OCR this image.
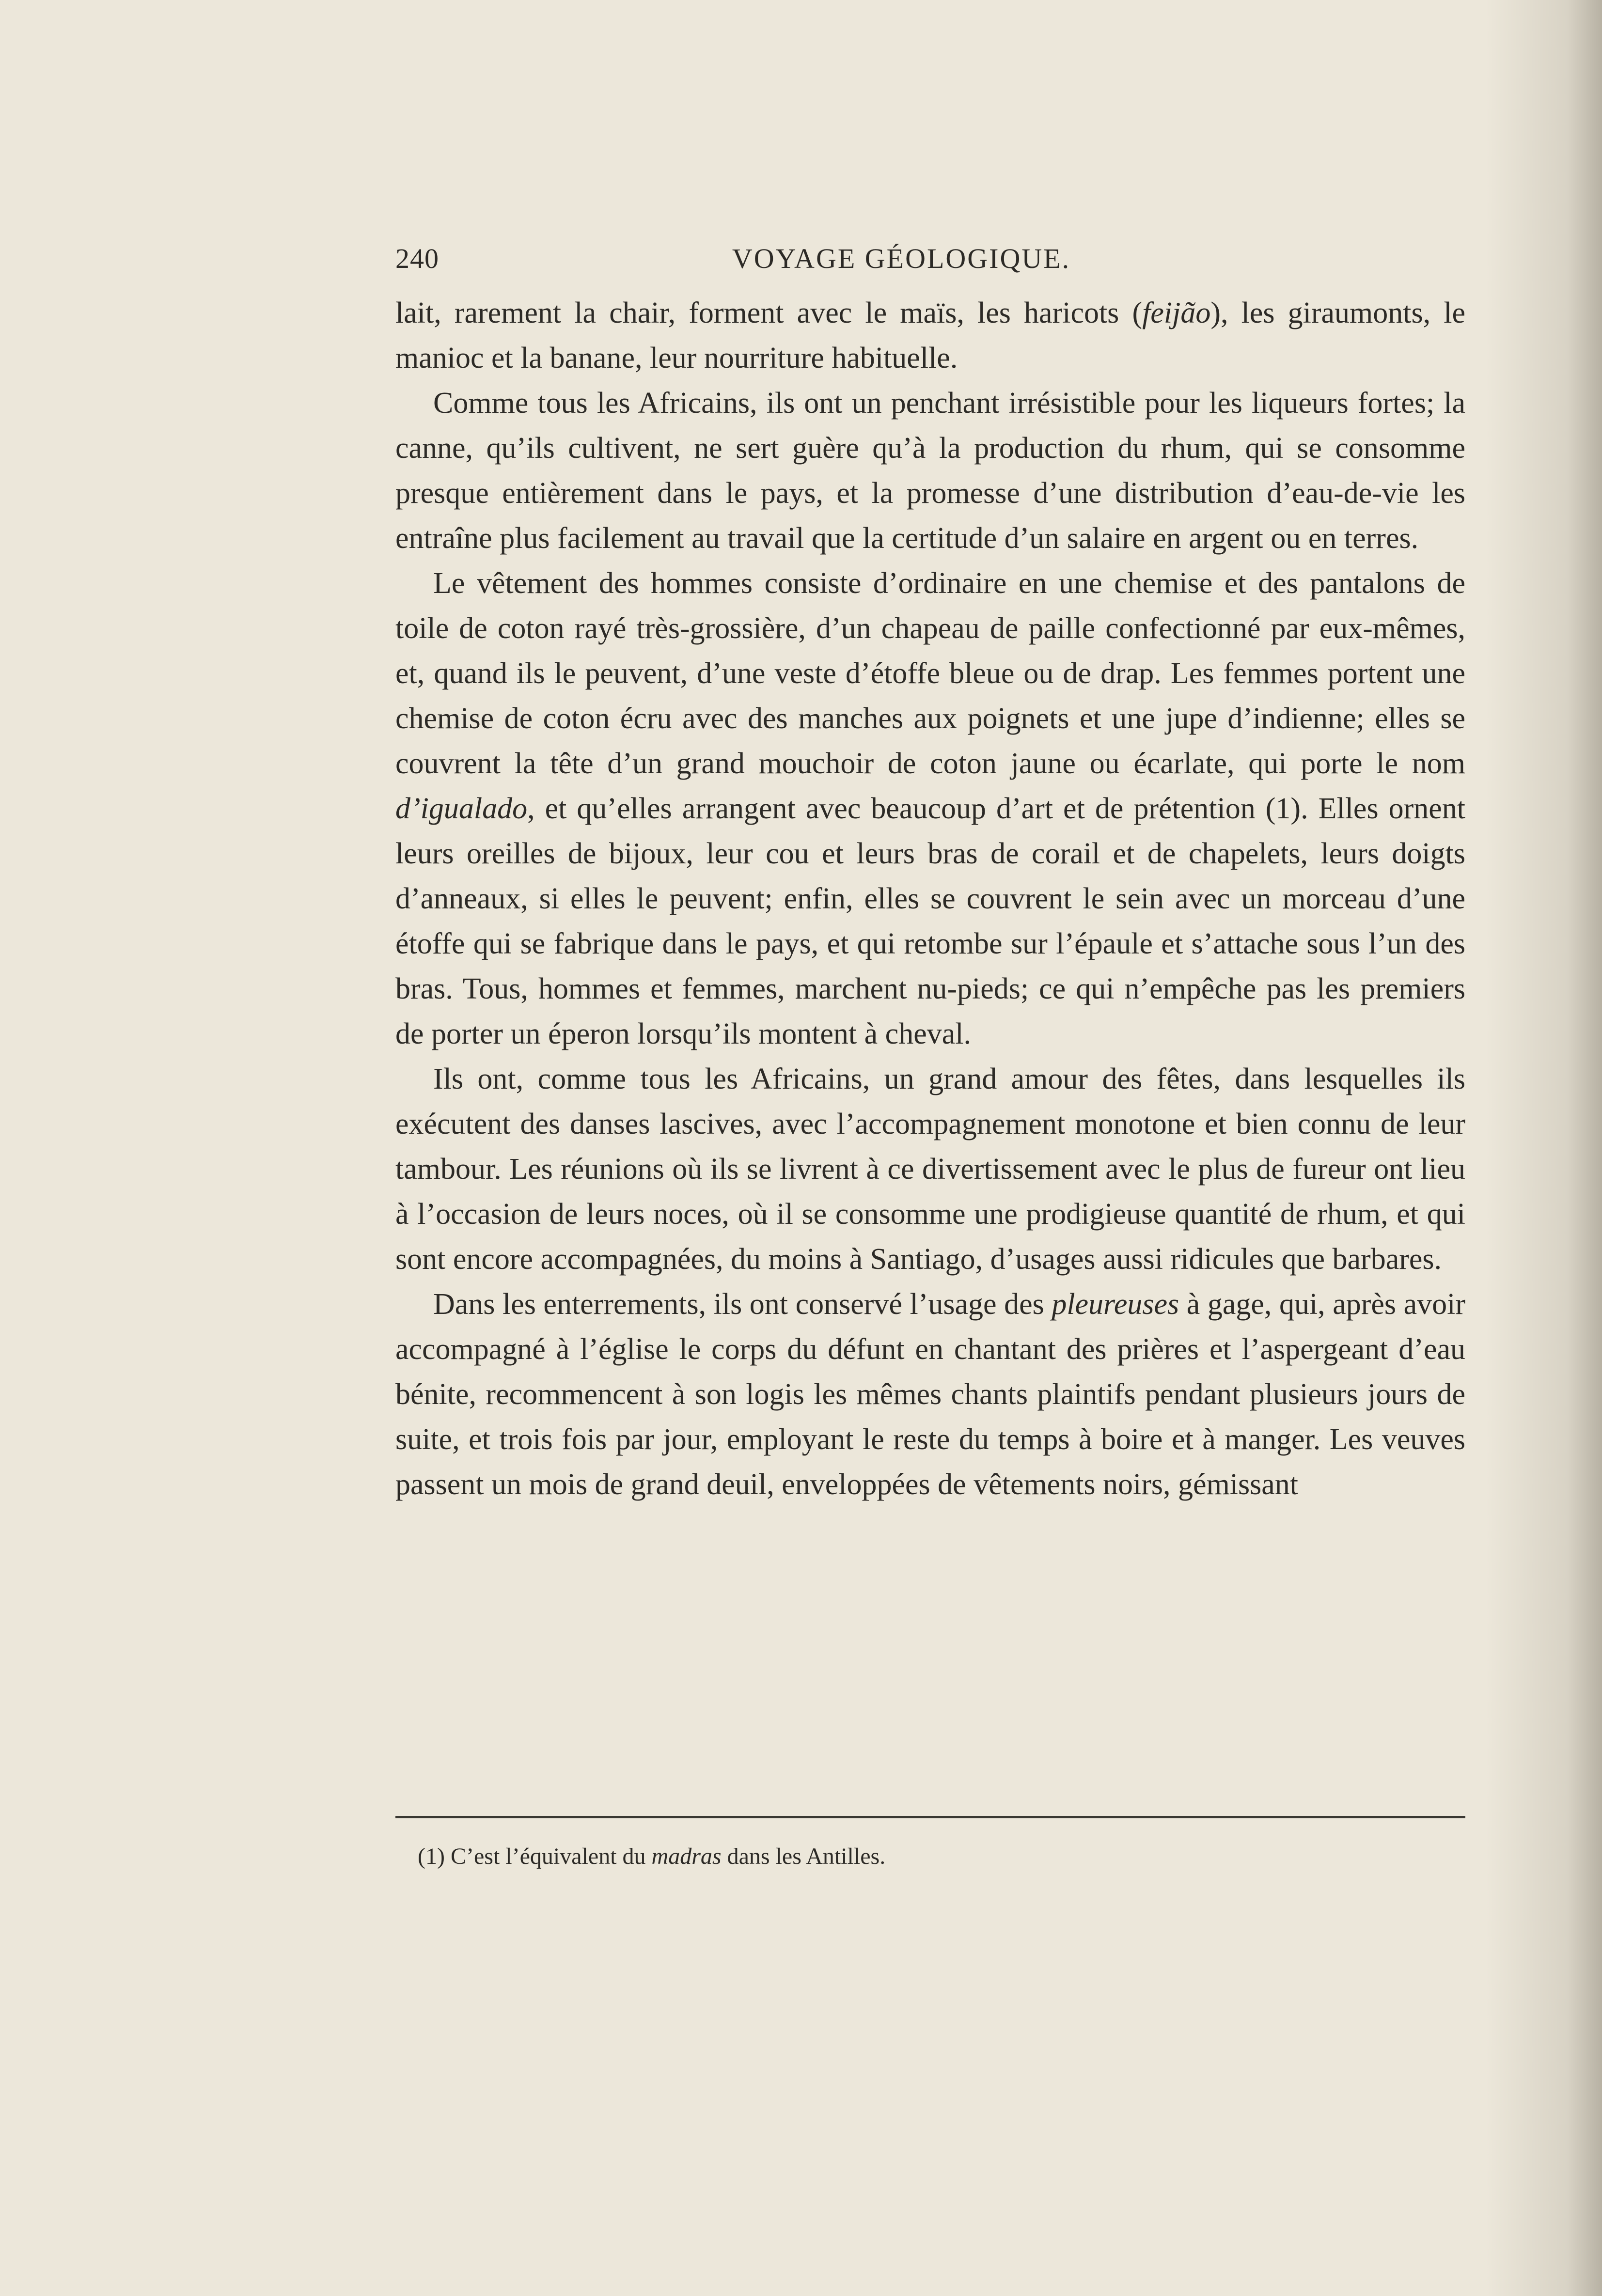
240	VOYAGE GÉOLOGIQUE.

lait, rarement la chair, forment avec le maïs, les haricots (feijão), les giraumonts, le manioc et la banane, leur nourriture habituelle.

Comme tous les Africains, ils ont un penchant irrésistible pour les liqueurs fortes; la canne, qu’ils cultivent, ne sert guère qu’à la production du rhum, qui se consomme presque entièrement dans le pays, et la promesse d’une distribution d’eau-de-vie les entraîne plus facilement au travail que la certitude d’un salaire en argent ou en terres.

Le vêtement des hommes consiste d’ordinaire en une chemise et des pantalons de toile de coton rayé très-grossière, d’un chapeau de paille confectionné par eux-mêmes, et, quand ils le peuvent, d’une veste d’étoffe bleue ou de drap. Les femmes portent une chemise de coton écru avec des manches aux poignets et une jupe d’indienne; elles se couvrent la tête d’un grand mouchoir de coton jaune ou écarlate, qui porte le nom d’igualado, et qu’elles arrangent avec beaucoup d’art et de prétention (1). Elles ornent leurs oreilles de bijoux, leur cou et leurs bras de corail et de chapelets, leurs doigts d’anneaux, si elles le peuvent; enfin, elles se couvrent le sein avec un morceau d’une étoffe qui se fabrique dans le pays, et qui retombe sur l’épaule et s’attache sous l’un des bras. Tous, hommes et femmes, marchent nu-pieds; ce qui n’empêche pas les premiers de porter un éperon lorsqu’ils montent à cheval.

Ils ont, comme tous les Africains, un grand amour des fêtes, dans lesquelles ils exécutent des danses lascives, avec l’accompagnement monotone et bien connu de leur tambour. Les réunions où ils se livrent à ce divertissement avec le plus de fureur ont lieu à l’occasion de leurs noces, où il se consomme une prodigieuse quantité de rhum, et qui sont encore accompagnées, du moins à Santiago, d’usages aussi ridicules que barbares.

Dans les enterrements, ils ont conservé l’usage des pleureuses à gage, qui, après avoir accompagné à l’église le corps du défunt en chantant des prières et l’aspergeant d’eau bénite, recommencent à son logis les mêmes chants plaintifs pendant plusieurs jours de suite, et trois fois par jour, employant le reste du temps à boire et à manger. Les veuves passent un mois de grand deuil, enveloppées de vêtements noirs, gémissant

(1) C’est l’équivalent du madras dans les Antilles.
